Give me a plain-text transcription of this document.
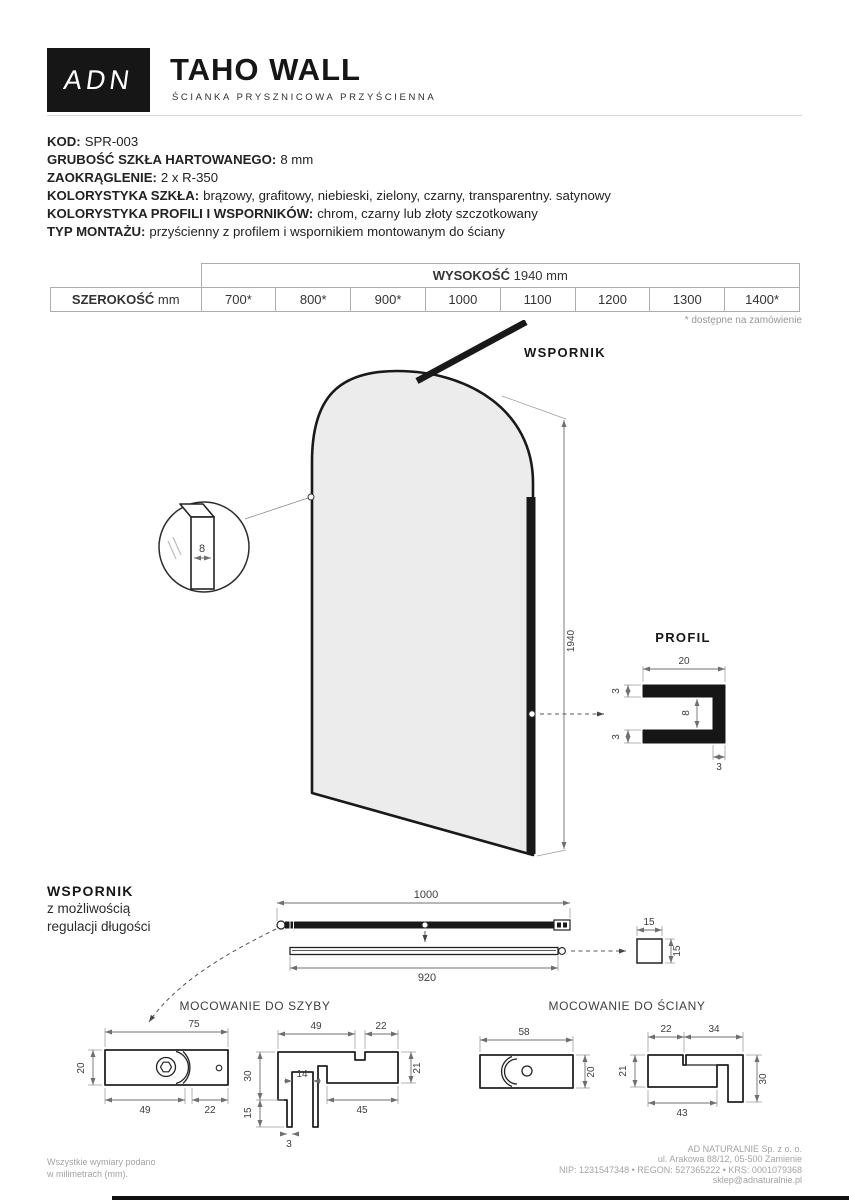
ADN TAHO WALL
ŚCIANKA PRYSZNICOWA PRZYŚCIENNA
KOD: SPR-003
GRUBOŚĆ SZKŁA HARTOWANEGO: 8 mm
ZAOKRĄGLENIE: 2 x R-350
KOLORYSTYKA SZKŁA: brązowy, grafitowy, niebieski, zielony, czarny, transparentny. satynowy
KOLORYSTYKA PROFILI I WSPORNIKÓW: chrom, czarny lub złoty szczotkowany
TYP MONTAŻU: przyścienny z profilem i wspornikiem montowanym do ściany
	WYSOKOŚĆ 1940 mm							
SZEROKOŚĆ mm	700*	800*	900*	1000	1100	1200	1300	1400*
* dostępne na zamówienie
WSPORNIK
1940
8
PROFIL
20
3
8
3
3
1000
920
15
15
75
20
49	22
49	22
30
15
14
21
45
3
58
20
22	34
21
30
43
WSPORNIK

z możliwością

regulacji długości

MOCOWANIE DO SZYBY	MOCOWANIE DO ŚCIANY
Wszystkie wymiary podano
w milimetrach (mm).
AD NATURALNIE Sp. z o. o.
ul. Arakowa 88/12, 05-500 Zamienie
NIP: 1231547348 • REGON: 527365222 • KRS: 0001079368
sklep@adnaturalnie.pl
